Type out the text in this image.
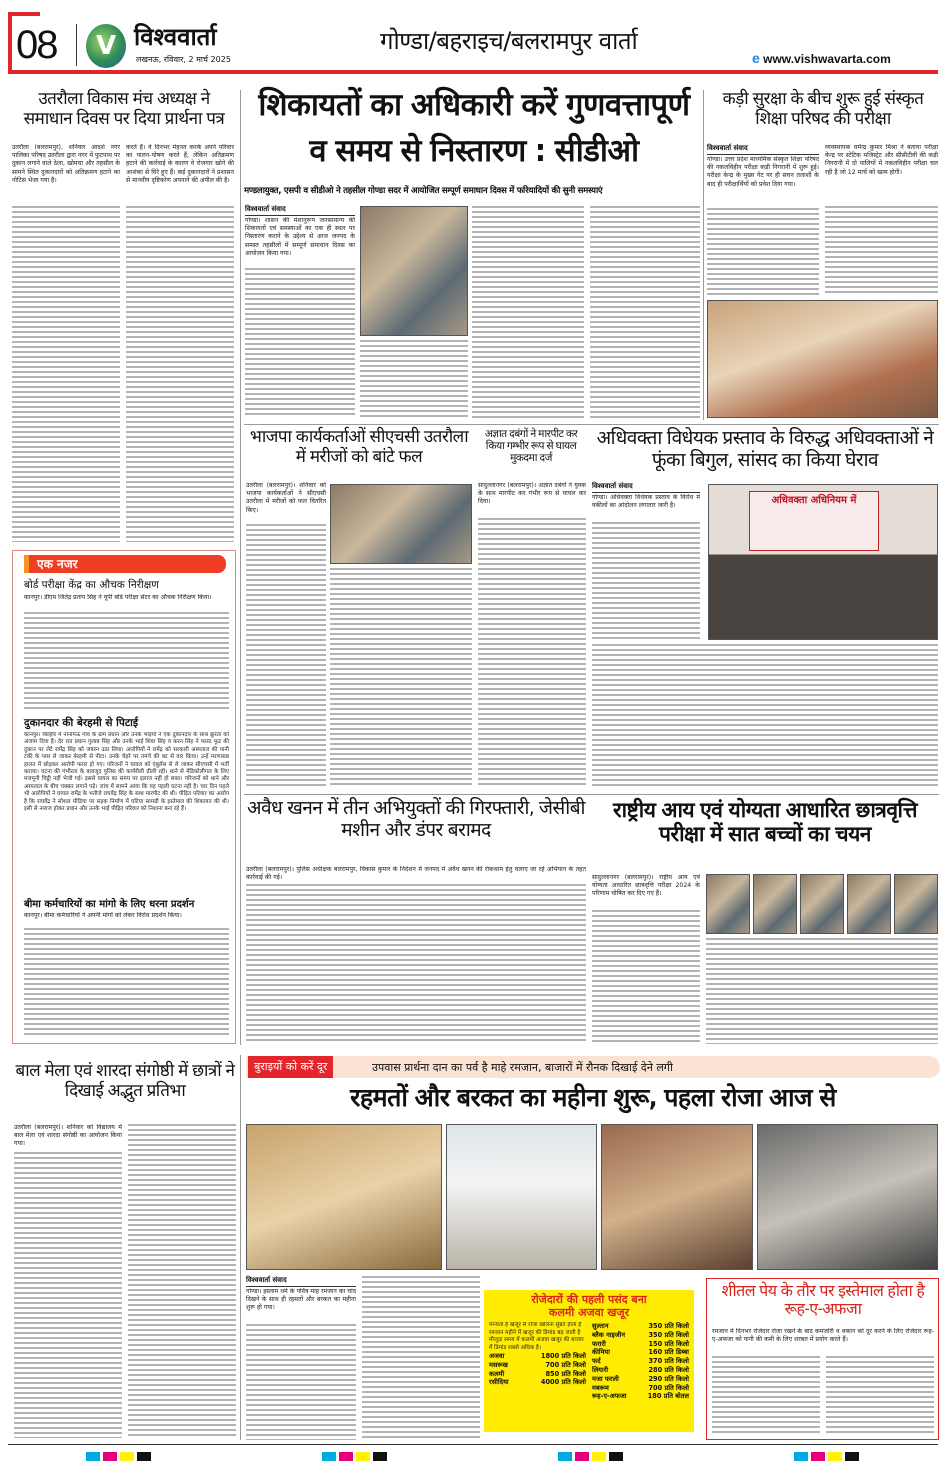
08	V विश्ववार्ता
लखनऊ, रविवार, 2 मार्च 2025
गोण्डा/बहराइच/बलरामपुर वार्ता
e www.vishwavarta.com
उतरौला विकास मंच अध्यक्ष ने समाधान दिवस पर दिया प्रार्थना पत्र
उतरौला (बलरामपुर), शनिवार आदर्श नगर पालिका परिषद उतरौला द्वारा नगर में फुटपाथ पर दुकान लगाने वाले ठेला, खोमचा और तहसील के सामने स्थित दुकानदारों को अतिक्रमण हटाने का नोटिस भेजा गया है।
करते हैं। वे दिनभर मेहनत करके अपने परिवार का पालन-पोषण करते हैं, लेकिन अतिक्रमण हटाने की कार्रवाई के कारण वे रोजगार खोने की आशंका से घिरे हुए हैं। कई दुकानदारों ने प्रशासन से मानवीय दृष्टिकोण अपनाने की अपील की है।
शिकायतों का अधिकारी करें गुणवत्तापूर्ण
व समय से निस्तारण : सीडीओ
मण्डलायुक्त, एसपी व सीडीओ ने तहसील गोण्डा सदर में आयोजित सम्पूर्ण समाधान दिवस में फरियादियों की सुनी समस्याएं
विश्ववार्ता संवाद
गोण्डा। शासन की मंशानुरूप जनसामान्य की शिकायतों एवं समस्याओं का एक ही स्थल पर निस्तारण कराने के उद्देश्य से आज जनपद के समस्त तहसीलों में सम्पूर्ण समाधान दिवस का आयोजन किया गया।
कड़ी सुरक्षा के बीच शुरू हुई संस्कृत शिक्षा परिषद की परीक्षा
विश्ववार्ता संवाद
गोण्डा। उत्तर प्रदेश माध्यमिक संस्कृत शिक्षा परिषद की नकलविहीन परीक्षा कड़ी निगरानी में शुरू हुई। परीक्षा केन्द्र के मुख्य गेट पर ही सघन तलाशी के बाद ही परीक्षार्थियों को प्रवेश दिया गया।
व्यवस्थापक धर्मेन्द्र कुमार मिश्रा ने बताया परीक्षा केन्द्र पर स्टेटिक मजिस्ट्रेट और सीसीटीवी की कड़ी निगरानी में दो पालियों में नकलविहीन परीक्षा चल रही है जो 12 मार्च को खत्म होगी।
एक नजर
बोर्ड परीक्षा केंद्र का औचक निरीक्षण
कानपुर। डीएम जितेंद्र प्रताप सिंह ने यूपी बोर्ड परीक्षा सेंटर का औचक निरीक्षण किया।
दुकानदार की बेरहमी से पिटाई
कानपुर। बिल्हौर में नानामऊ गांव के ग्राम प्रधान और उनके भाइयों ने एक दुकानदार के साथ क्रूरता को अंजाम दिया है। देर रात प्रधान गुलाब सिंह और उनके भाई शिवा सिंह व करन सिंह ने फास्ट फूड की दुकान पर लेटे रामेंद्र सिंह को जबरन उठा लिया। आरोपियों ने रामेंद्र को सरकारी अस्पताल की पानी टंकी के पास ले जाकर बेरहमी से पीटा। उनके चेहरे पर तमंचे की बट से वार किया। उन्हें मरणासन्न हालत में छोड़कर आरोपी फरार हो गए। परिजनों ने घायल को एंबुलेंस से ले जाकर सीएचसी में भर्ती कराया। घटना की गंभीरता के बावजूद पुलिस की कार्यशैली ढीली रही। थाने से मेडिकोलीगल के लिए मजमूनी चिट्ठी नहीं भेजी गई। इससे घायल का समय पर इलाज नहीं हो सका। परिजनों को थाने और अस्पताल के बीच चक्कर लगाने पड़े। जांच में सामने आया कि यह पहली घटना नहीं है। चार दिन पहले भी आरोपियों ने घायल रामेंद्र के भतीजे राघवेंद्र सिंह के साथ मारपीट की थी। पीड़ित परिवार का आरोप है कि राघवेंद्र ने सोशल मीडिया पर सड़क निर्माण में घटिया सामग्री के इस्तेमाल की शिकायत की थी। इसी से नाराज होकर प्रधान और उनके भाई पीड़ित परिवार को निशाना बना रहे हैं।
बीमा कर्मचारियों का मांगो के लिए धरना प्रदर्शन
कानपुर। बीमा कर्मचारियों ने अपनी मांगों को लेकर विरोध प्रदर्शन किया।
भाजपा कार्यकर्ताओं सीएचसी उतरौला में मरीजों को बांटे फल
उतरौला (बलरामपुर)। शनिवार को भाजपा कार्यकर्ताओं ने सीएचसी उतरौला में मरीजों को फल वितरित किए।
अज्ञात दबंगों ने मारपीट कर किया गम्भीर रूप से घायल मुकदमा दर्ज
सादुल्लानगर (बलरामपुर)। अज्ञात दबंगों ने युवक के साथ मारपीट कर गंभीर रूप से घायल कर दिया।
अधिवक्ता विधेयक प्रस्ताव के विरुद्ध अधिवक्ताओं ने फूंका बिगुल, सांसद का किया घेराव
विश्ववार्ता संवाद
गोण्डा। अधिवक्ता विधेयक प्रस्ताव के विरोध में वकीलों का आंदोलन लगातार जारी है।	अधिवक्ता अधिनियम में
अवैध खनन में तीन अभियुक्तों की गिरफ्तारी, जेसीबी मशीन और डंपर बरामद
उतरौला (बलरामपुर)। पुलिस अधीक्षक बलरामपुर, विकास कुमार के निर्देशन में जनपद में अवैध खनन की रोकथाम हेतु चलाए जा रहे अभियान के तहत कार्रवाई की गई।
राष्ट्रीय आय एवं योग्यता आधारित छात्रवृत्ति परीक्षा में सात बच्चों का चयन
सादुल्लानगर (बलरामपुर)। राष्ट्रीय आय एवं योग्यता आधारित छात्रवृत्ति परीक्षा 2024 के परिणाम घोषित कर दिए गए हैं।
बाल मेला एवं शारदा संगोष्ठी में छात्रों ने दिखाई अद्भुत प्रतिभा
उतरौला (बलरामपुर)। शनिवार को विद्यालय में बाल मेला एवं शारदा संगोष्ठी का आयोजन किया गया।
बुराइयों को करें दूर	उपवास प्रार्थना दान का पर्व है माहे रमजान, बाजारों में रौनक दिखाई देने लगी
रहमतों और बरकत का महीना शुरू, पहला रोजा आज से
विश्ववार्ता संवाद
गोण्डा। इस्लाम धर्म के पवित्र माह रमजान का चांद दिखने के साथ ही रहमतों और बरकत का महीना शुरू हो गया।
रोजेदारों की पहली पसंद बना कलमी अजवा खजूर
मान्यता है खजूर से रोजा खोलना सुन्नत होता है रमजान महीने में खजूर की डिमांड बढ़ जाती है मौजूदा समय में कलमी अजवा खजूर की बाजार में डिमांड सबसे अधिक है।
अजवा	1800 प्रति किलो
मसरूख	700 प्रति किलो
कलमी	850 प्रति किलो
रसीदिया	4000 प्रति किलो
सुल्तान	350 प्रति किलो
ब्लैक नाइजीन	350 प्रति किलो
फरारी	150 प्रति किलो
कीमिया	160 प्रति डिब्बा
फर्द	370 प्रति किलो
लियारी	280 प्रति किलो
मजा फरली	290 प्रति किलो
मबरूम	700 प्रति किलो
रूह-ए-अफजा	180 प्रति बोतल
शीतल पेय के तौर पर इस्तेमाल होता है रूह-ए-अफजा
रमजान में दिनभर रोजेदार रोजा रखने के बाद कमजोरी व थकान को दूर करने के लिए रोजेदार रूह-ए-अफजा को पानी की कमी के लिए शरबत में प्रयोग करते हैं।
